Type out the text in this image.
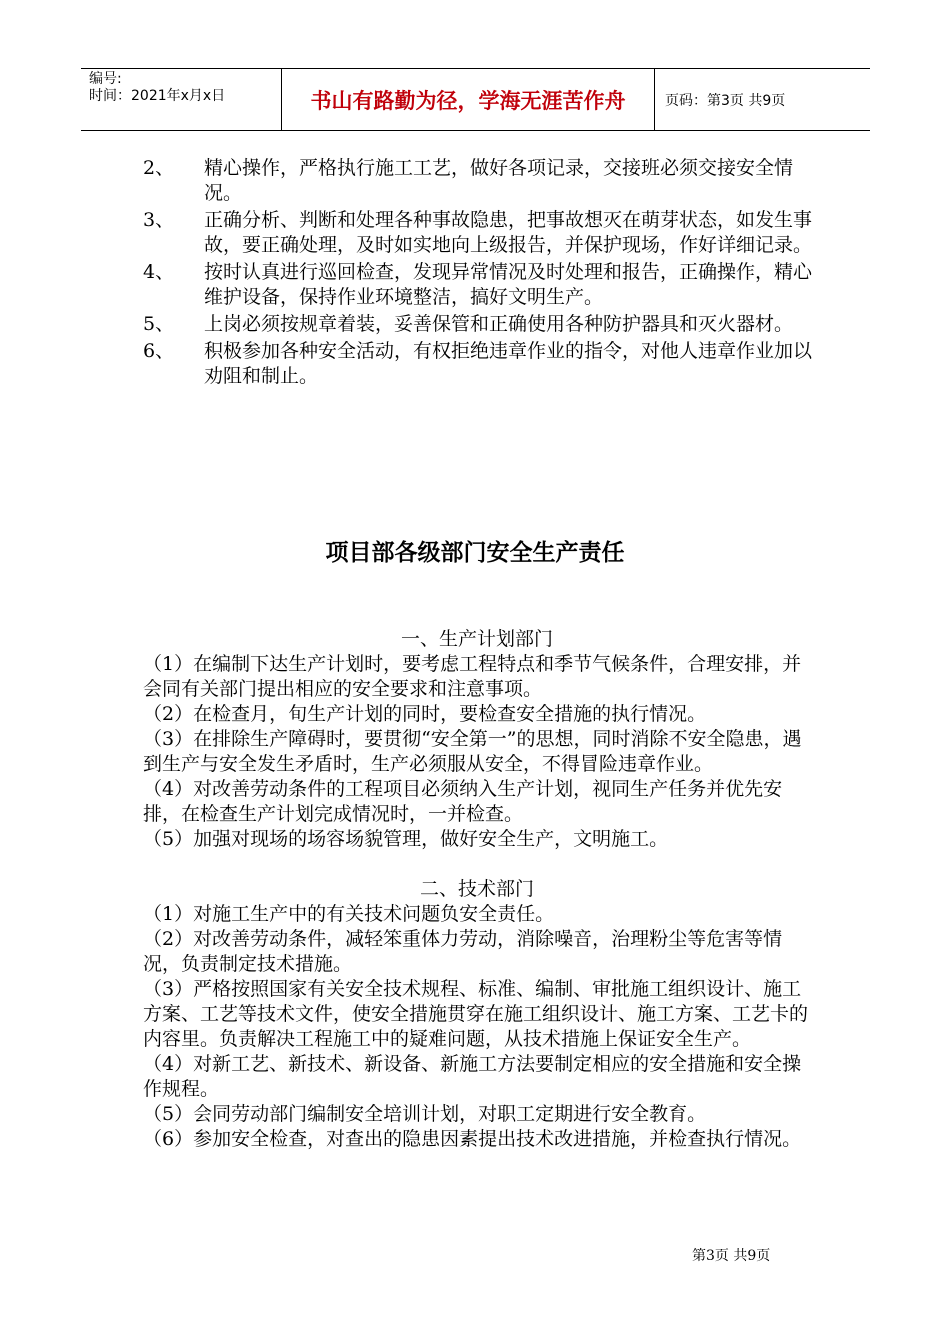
编号:
时间：2021年x月x日	书山有路勤为径，学海无涯苦作舟	页码：第3页 共9页
2、	精心操作，严格执行施工工艺，做好各项记录，交接班必须交接安全情况。
3、	正确分析、判断和处理各种事故隐患，把事故想灭在萌芽状态，如发生事故，要正确处理，及时如实地向上级报告，并保护现场，作好详细记录。
4、	按时认真进行巡回检查，发现异常情况及时处理和报告，正确操作，精心维护设备，保持作业环境整洁，搞好文明生产。
5、	上岗必须按规章着装，妥善保管和正确使用各种防护器具和灭火器材。
6、	积极参加各种安全活动，有权拒绝违章作业的指令，对他人违章作业加以劝阻和制止。
项目部各级部门安全生产责任
一、生产计划部门
（1）在编制下达生产计划时，要考虑工程特点和季节气候条件，合理安排，并会同有关部门提出相应的安全要求和注意事项。
（2）在检查月，旬生产计划的同时，要检查安全措施的执行情况。
（3）在排除生产障碍时，要贯彻“安全第一”的思想，同时消除不安全隐患，遇到生产与安全发生矛盾时，生产必须服从安全，不得冒险违章作业。
（4）对改善劳动条件的工程项目必须纳入生产计划，视同生产任务并优先安排，在检查生产计划完成情况时，一并检查。
（5）加强对现场的场容场貌管理，做好安全生产，文明施工。
二、技术部门
（1）对施工生产中的有关技术问题负安全责任。
（2）对改善劳动条件，减轻笨重体力劳动，消除噪音，治理粉尘等危害等情况，负责制定技术措施。
（3）严格按照国家有关安全技术规程、标准、编制、审批施工组织设计、施工方案、工艺等技术文件，使安全措施贯穿在施工组织设计、施工方案、工艺卡的内容里。负责解决工程施工中的疑难问题，从技术措施上保证安全生产。
（4）对新工艺、新技术、新设备、新施工方法要制定相应的安全措施和安全操作规程。
（5）会同劳动部门编制安全培训计划，对职工定期进行安全教育。
（6）参加安全检查，对查出的隐患因素提出技术改进措施，并检查执行情况。
第3页 共9页
